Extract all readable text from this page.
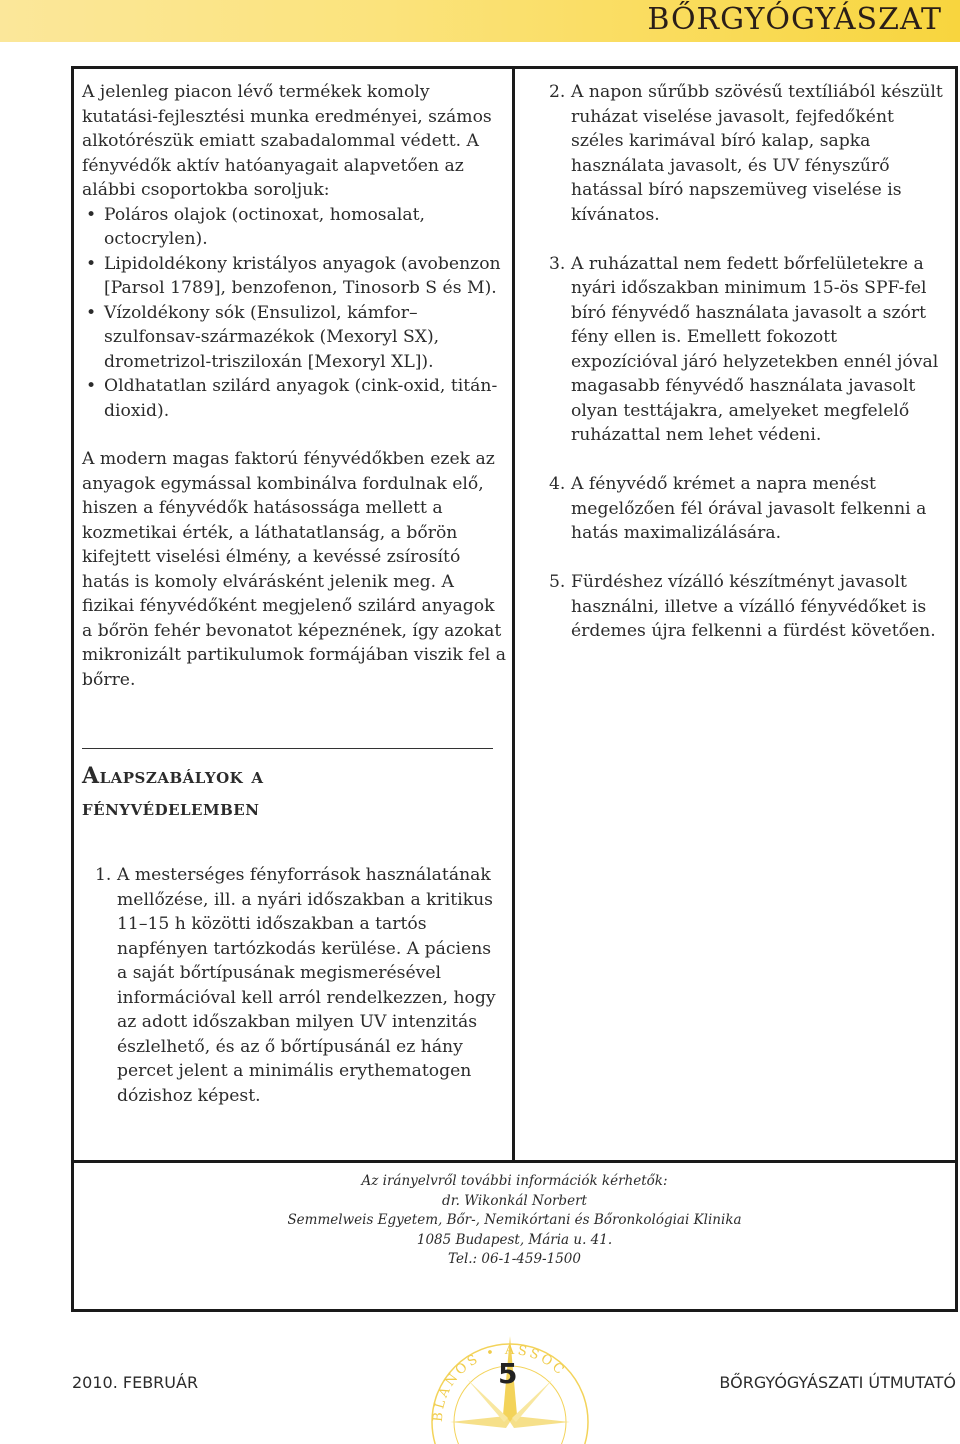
BŐRGYÓGYÁSZAT

A jelenleg piacon lévő termékek komoly kutatási-fejlesztési munka eredményei, számos alkotórészük emiatt szabadalommal védett. A fényvédők aktív hatóanyagait alapvetően az alábbi csoportokba soroljuk:

• Poláros olajok (octinoxat, homosalat, octocrylen).
• Lipidoldékony kristályos anyagok (avobenzon [Parsol 1789], benzofenon, Tinosorb S és M).
• Vízoldékony sók (Ensulizol, kámfor–szulfonsav-származékok (Mexoryl SX), drometrizol-trisziloxán [Mexoryl XL]).
• Oldhatatlan szilárd anyagok (cink-oxid, titán-dioxid).

A modern magas faktorú fényvédőkben ezek az anyagok egymással kombinálva fordulnak elő, hiszen a fényvédők hatásossága mellett a kozmetikai érték, a láthatatlanság, a bőrön kifejtett viselési élmény, a kevéssé zsírosító hatás is komoly elvárásként jelenik meg. A fizikai fényvédőként megjelenő szilárd anyagok a bőrön fehér bevonatot képeznének, így azokat mikronizált partikulumok formájában viszik fel a bőrre.

Alapszabályok a
fényvédelemben
1. A mesterséges fényforrások használatának mellőzése, ill. a nyári időszakban a kritikus 11–15 h közötti időszakban a tartós napfényen tartózkodás kerülése. A páciens a saját bőrtípusának megismerésével információval kell arról rendelkezzen, hogy az adott időszakban milyen UV intenzitás észlelhető, és az ő bőrtípusánál ez hány percet jelent a minimális erythematogen dózishoz képest.
2. A napon sűrűbb szövésű textíliából készült ruházat viselése javasolt, fejfedőként széles karimával bíró kalap, sapka használata javasolt, és UV fényszűrő hatással bíró napszemüveg viselése is kívánatos.
3. A ruházattal nem fedett bőrfelületekre a nyári időszakban minimum 15-ös SPF-fel bíró fényvédő használata javasolt a szórt fény ellen is. Emellett fokozott expozícióval járó helyzetekben ennél jóval magasabb fényvédő használata javasolt olyan testtájakra, amelyeket megfelelő ruházattal nem lehet védeni.
4. A fényvédő krémet a napra menést megelőzően fél órával javasolt felkenni a hatás maximalizálására.
5. Fürdéshez vízálló készítményt javasolt használni, illetve a vízálló fényvédőket is érdemes újra felkenni a fürdést követően.
Az irányelvről további információk kérhetők:
dr. Wikonkál Norbert
Semmelweis Egyetem, Bőr-, Nemikórtani és Bőronkológiai Klinika
1085 Budapest, Mária u. 41.
Tel.: 06-1-459-1500
BLANOS • ASSOC
2010. FEBRUÁR	5	BŐRGYÓGYÁSZATI ÚTMUTATÓ
